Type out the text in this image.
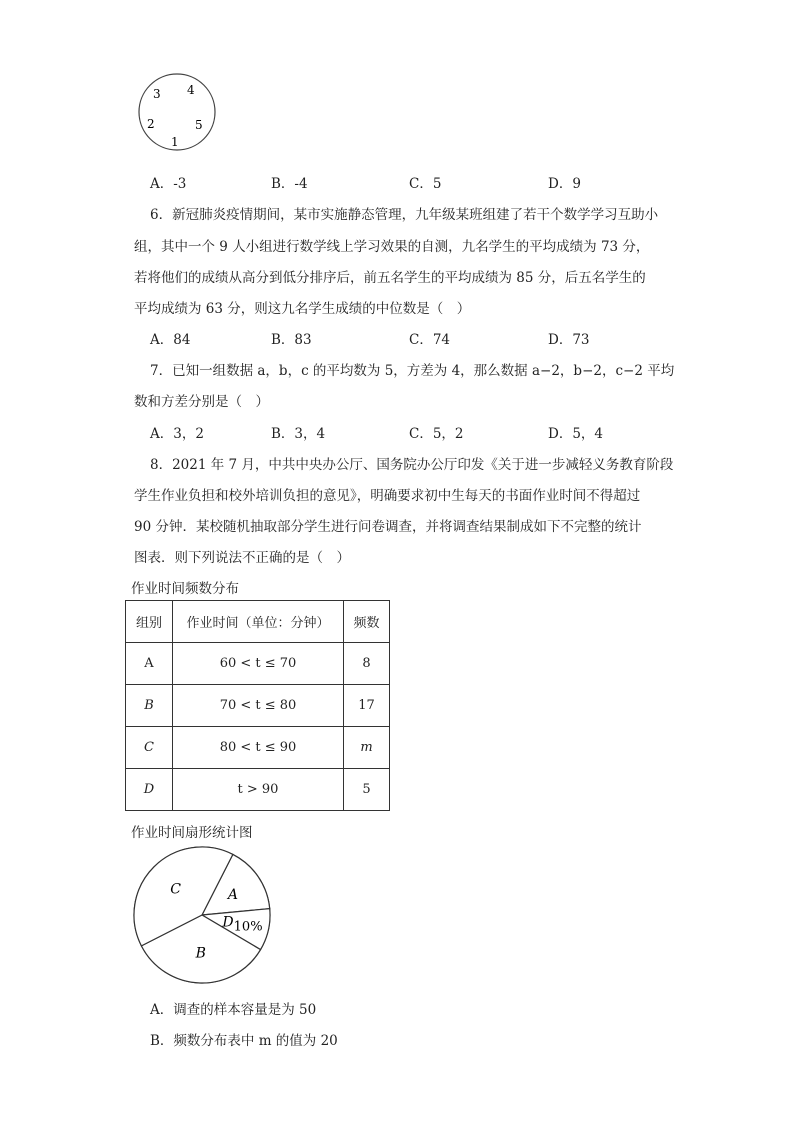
3 4
2	5
1
A．-3	B．-4	C．5	D．9
6．新冠肺炎疫情期间，某市实施静态管理，九年级某班组建了若干个数学学习互助小
组，其中一个 9 人小组进行数学线上学习效果的自测，九名学生的平均成绩为 73 分，
若将他们的成绩从高分到低分排序后，前五名学生的平均成绩为 85 分，后五名学生的
平均成绩为 63 分，则这九名学生成绩的中位数是（　）
A．84	B．83	C．74	D．73
7．已知一组数据 a，b，c 的平均数为 5，方差为 4，那么数据 a−2，b−2，c−2 平均
数和方差分别是（　）
A．3，2	B．3，4	C．5，2	D．5，4
8．2021 年 7 月，中共中央办公厅、国务院办公厅印发《关于进一步减轻义务教育阶段
学生作业负担和校外培训负担的意见》，明确要求初中生每天的书面作业时间不得超过
90 分钟．某校随机抽取部分学生进行问卷调查，并将调查结果制成如下不完整的统计
图表．则下列说法不正确的是（　）
作业时间频数分布
组别	作业时间（单位：分钟）	频数
A	60 < t ≤ 70	8
B	70 < t ≤ 80	17
C	80 < t ≤ 90	m
D	t > 90	5
作业时间扇形统计图
A
D10%
B
C
A．调查的样本容量是为 50
B．频数分布表中 m 的值为 20
